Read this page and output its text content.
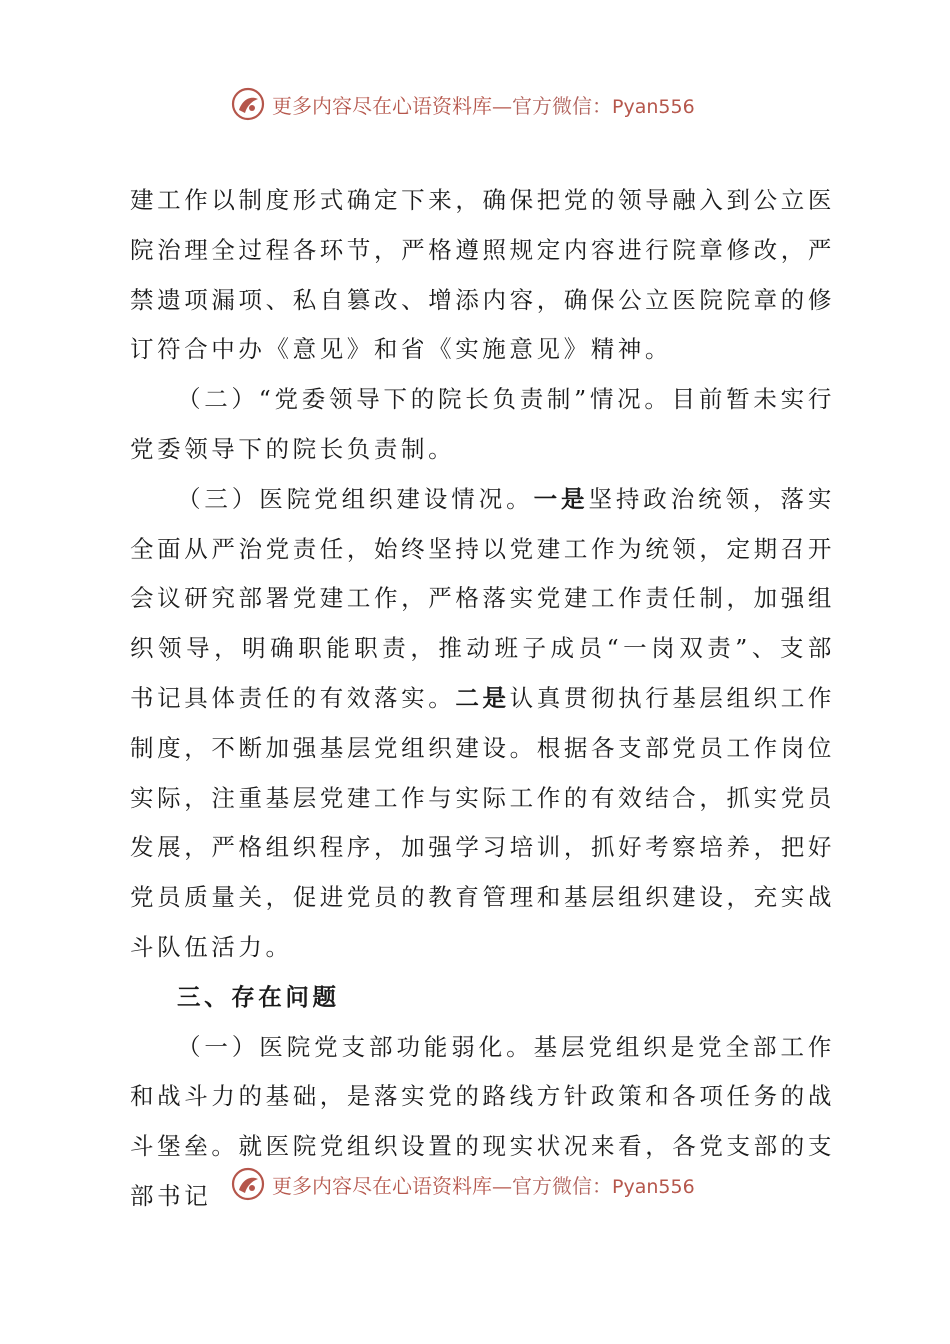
更多内容尽在心语资料库—官方微信：Pyan556

建工作以制度形式确定下来，确保把党的领导融入到公立医院治理全过程各环节，严格遵照规定内容进行院章修改，严禁遗项漏项、私自篡改、增添内容，确保公立医院院章的修订符合中办《意见》和省《实施意见》精神。

（二）“党委领导下的院长负责制”情况。目前暂未实行党委领导下的院长负责制。

（三）医院党组织建设情况。一是坚持政治统领，落实全面从严治党责任，始终坚持以党建工作为统领，定期召开会议研究部署党建工作，严格落实党建工作责任制，加强组织领导，明确职能职责，推动班子成员“一岗双责”、支部书记具体责任的有效落实。二是认真贯彻执行基层组织工作制度，不断加强基层党组织建设。根据各支部党员工作岗位实际，注重基层党建工作与实际工作的有效结合，抓实党员发展，严格组织程序，加强学习培训，抓好考察培养，把好党员质量关，促进党员的教育管理和基层组织建设，充实战斗队伍活力。

三、存在问题

（一）医院党支部功能弱化。基层党组织是党全部工作和战斗力的基础，是落实党的路线方针政策和各项任务的战斗堡垒。就医院党组织设置的现实状况来看，各党支部的支部书记	更多内容尽在心语资料库—官方微信：Pyan556
